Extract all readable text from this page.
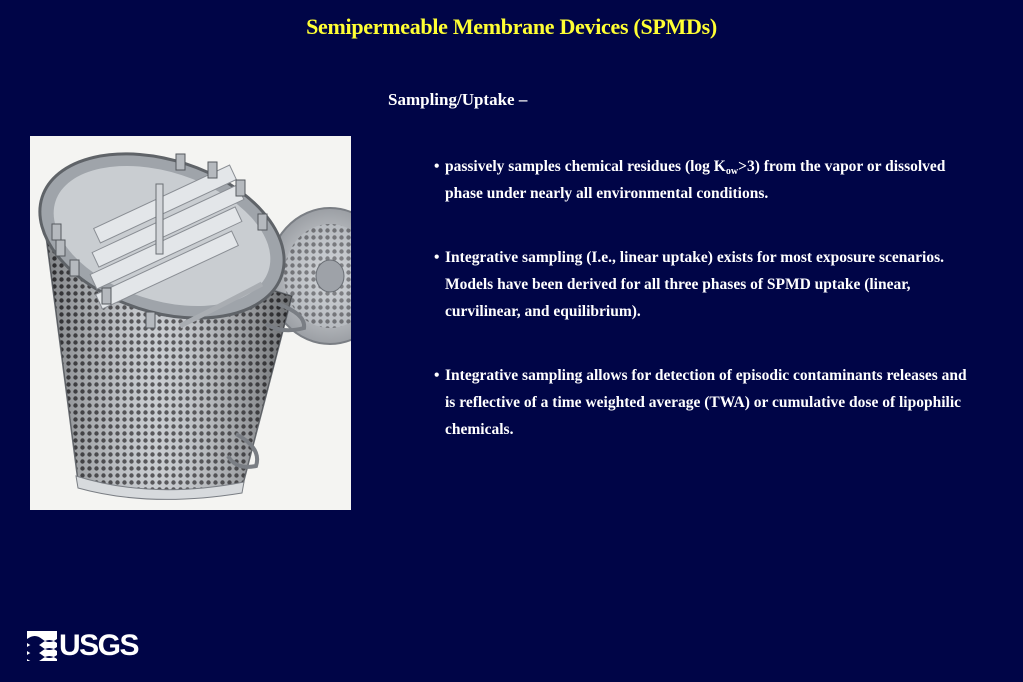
Semipermeable Membrane Devices (SPMDs)
Sampling/Uptake –
• passively samples chemical residues (log $K_{ow}>3$) from the vapor or dissolved phase under nearly all environmental conditions.
• Integrative sampling (I.e., linear uptake) exists for most exposure scenarios. Models have been derived for all three phases of SPMD uptake (linear, curvilinear, and equilibrium).
• Integrative sampling allows for detection of episodic contaminants releases and is reflective of a time weighted average (TWA) or cumulative dose of lipophilic chemicals.
USGS
